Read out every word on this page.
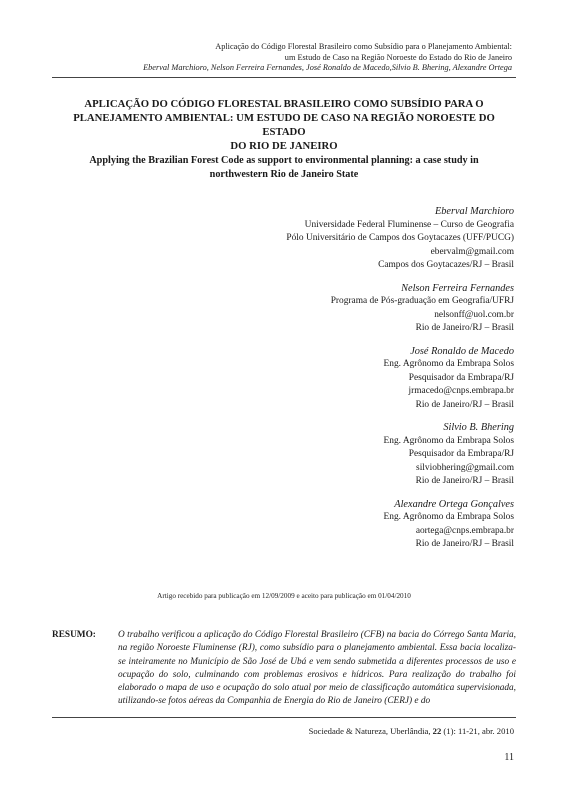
Aplicação do Código Florestal Brasileiro como Subsídio para o Planejamento Ambiental:
um Estudo de Caso na Região Noroeste do Estado do Rio de Janeiro
Eberval Marchioro, Nelson Ferreira Fernandes, José Ronaldo de Macedo,Silvio B. Bhering, Alexandre Ortega
APLICAÇÃO DO CÓDIGO FLORESTAL BRASILEIRO COMO SUBSÍDIO PARA O
PLANEJAMENTO AMBIENTAL: UM ESTUDO DE CASO NA REGIÃO NOROESTE DO ESTADO
DO RIO DE JANEIRO
Applying the Brazilian Forest Code as support to environmental planning: a case study in
northwestern Rio de Janeiro State
Eberval Marchioro
Universidade Federal Fluminense – Curso de Geografia
Pólo Universitário de Campos dos Goytacazes (UFF/PUCG)
ebervalm@gmail.com
Campos dos Goytacazes/RJ – Brasil
Nelson Ferreira Fernandes
Programa de Pós-graduação em Geografia/UFRJ
nelsonff@uol.com.br
Rio de Janeiro/RJ – Brasil
José Ronaldo de Macedo
Eng. Agrônomo da Embrapa Solos
Pesquisador da Embrapa/RJ
jrmacedo@cnps.embrapa.br
Rio de Janeiro/RJ – Brasil
Silvio B. Bhering
Eng. Agrônomo da Embrapa Solos
Pesquisador da Embrapa/RJ
silviobhering@gmail.com
Rio de Janeiro/RJ – Brasil
Alexandre Ortega Gonçalves
Eng. Agrônomo da Embrapa Solos
aortega@cnps.embrapa.br
Rio de Janeiro/RJ – Brasil
Artigo recebido para publicação em 12/09/2009 e aceito para publicação em 01/04/2010
RESUMO: O trabalho verificou a aplicação do Código Florestal Brasileiro (CFB) na bacia do Córrego Santa Maria, na região Noroeste Fluminense (RJ), como subsídio para o planejamento ambiental. Essa bacia localiza-se inteiramente no Município de São José de Ubá e vem sendo submetida a diferentes processos de uso e ocupação do solo, culminando com problemas erosivos e hídricos. Para realização do trabalho foi elaborado o mapa de uso e ocupação do solo atual por meio de classificação automática supervisionada, utilizando-se fotos aéreas da Companhia de Energia do Rio de Janeiro (CERJ) e do
Sociedade & Natureza, Uberlândia, 22 (1): 11-21, abr. 2010
11
